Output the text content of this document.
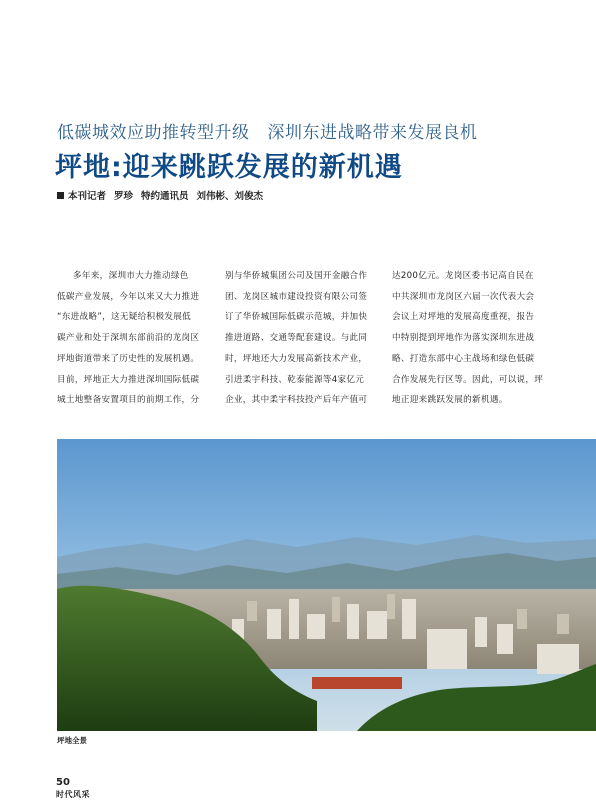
低碳城效应助推转型升级 深圳东进战略带来发展良机
坪地:迎来跳跃发展的新机遇
本刊记者 罗珍 特约通讯员 刘伟彬、刘俊杰
多年来，深圳市大力推动绿色
低碳产业发展，今年以来又大力推进
“东进战略”，这无疑给积极发展低
碳产业和处于深圳东部前沿的龙岗区
坪地街道带来了历史性的发展机遇。
目前，坪地正大力推进深圳国际低碳
城土地整备安置项目的前期工作，分
别与华侨城集团公司及国开金融合作
团、龙岗区城市建设投资有限公司签
订了华侨城国际低碳示范城，并加快
推进道路、交通等配套建设。与此同
时，坪地还大力发展高新技术产业，
引进柔宇科技、乾泰能源等4家亿元
企业，其中柔宇科技投产后年产值可
达200亿元。龙岗区委书记高自民在
中共深圳市龙岗区六届一次代表大会
会议上对坪地的发展高度重视，报告
中特别提到坪地作为落实深圳东进战
略、打造东部中心主战场和绿色低碳
合作发展先行区等。因此，可以说，坪
地正迎来跳跃发展的新机遇。
坪地全景
50
时代风采
